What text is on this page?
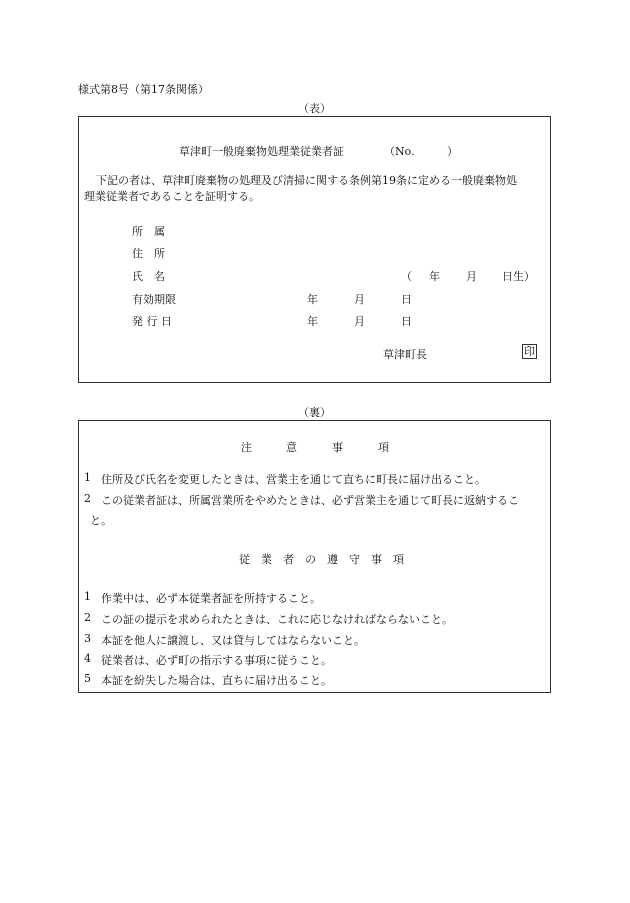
様式第8号（第17条関係）
（表）
草津町一般廃棄物処理業従業者証	（No.	）
下記の者は、草津町廃棄物の処理及び清掃に関する条例第19条に定める一般廃棄物処
理業従業者であることを証明する。
所　属
住　所
氏　名	（ 年 月 日生）
有効期限	年	月	日
発 行 日	年	月	日
草津町長	印
（裏）
注	意	事	項
1 住所及び氏名を変更したときは、営業主を通じて直ちに町長に届け出ること。
2 この従業者証は、所属営業所をやめたときは、必ず営業主を通じて町長に返納するこ
と。
従 業 者 の 遵 守 事 項
1 作業中は、必ず本従業者証を所持すること。
2 この証の提示を求められたときは、これに応じなければならないこと。
3 本証を他人に譲渡し、又は貸与してはならないこと。
4 従業者は、必ず町の指示する事項に従うこと。
5 本証を紛失した場合は、直ちに届け出ること。
